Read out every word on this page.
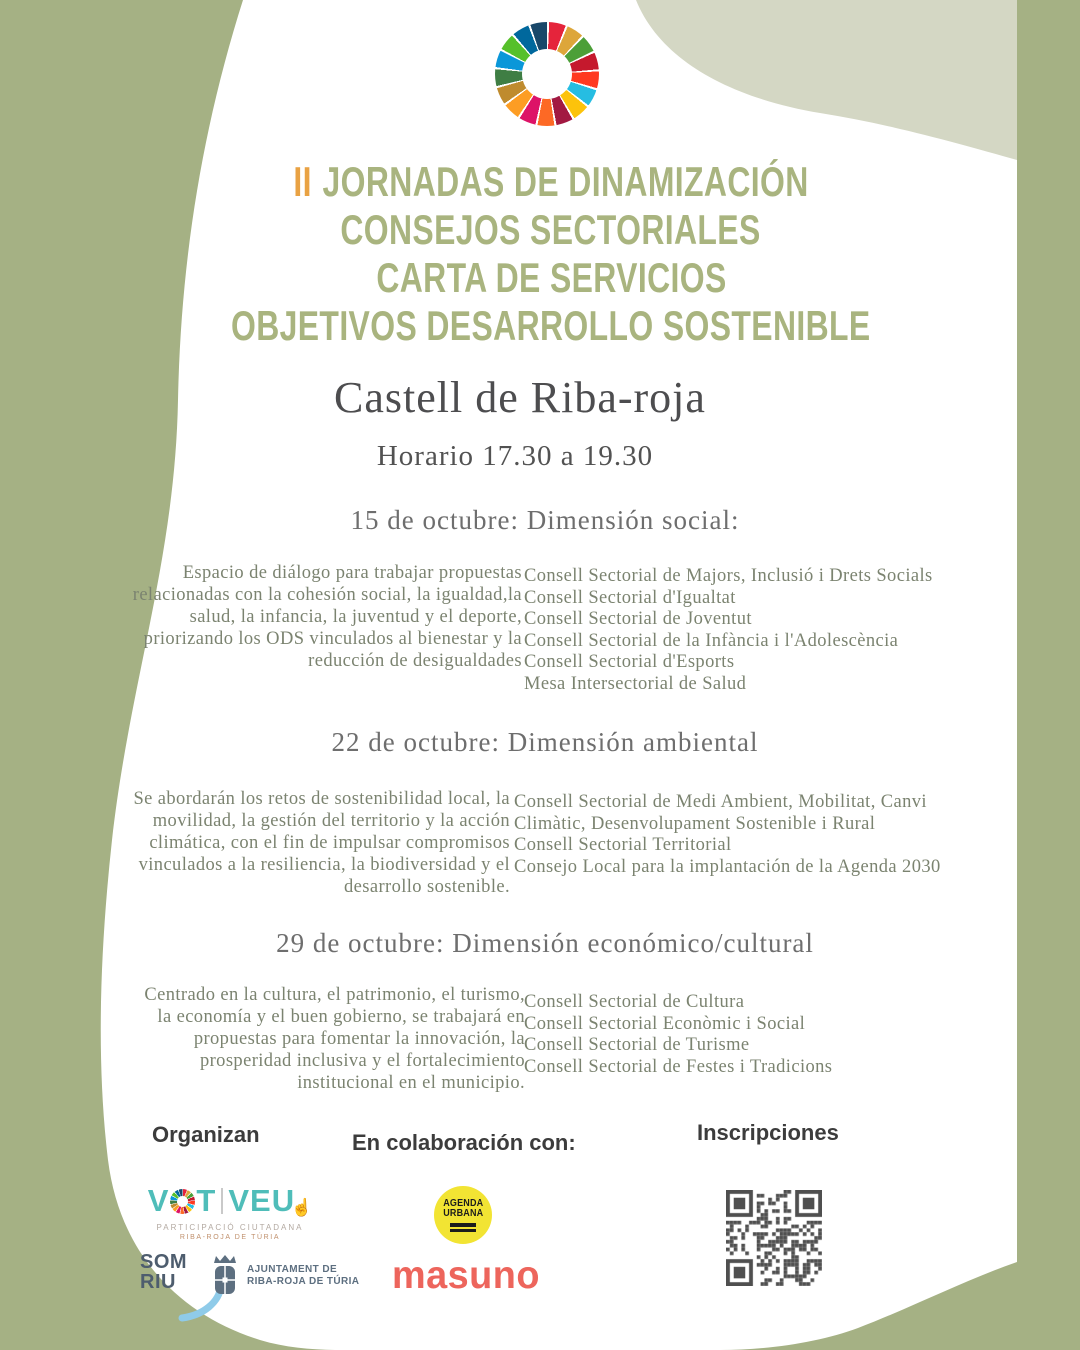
II JORNADAS DE DINAMIZACIÓN
CONSEJOS SECTORIALES
CARTA DE SERVICIOS
OBJETIVOS DESARROLLO SOSTENIBLE
Castell de Riba-roja
Horario 17.30 a 19.30
15 de octubre: Dimensión social:
Espacio de diálogo para trabajar propuestas relacionadas con la cohesión social, la igualdad,la salud, la infancia, la juventud y el deporte, priorizando los ODS vinculados al bienestar y la reducción de desigualdades
Consell Sectorial de Majors, Inclusió i Drets Socials
Consell Sectorial d'Igualtat
Consell Sectorial de Joventut
Consell Sectorial de la Infància i l'Adolescència
Consell Sectorial d'Esports
Mesa Intersectorial de Salud
22 de octubre: Dimensión ambiental
Se abordarán los retos de sostenibilidad local, la movilidad, la gestión del territorio y la acción climática, con el fin de impulsar compromisos vinculados a la resiliencia, la biodiversidad y el desarrollo sostenible.
Consell Sectorial de Medi Ambient, Mobilitat, Canvi Climàtic, Desenvolupament Sostenible i Rural
Consell Sectorial Territorial
Consejo Local para la implantación de la Agenda 2030
29 de octubre: Dimensión económico/cultural
Centrado en la cultura, el patrimonio, el turismo, la economía y el buen gobierno, se trabajará en propuestas para fomentar la innovación, la prosperidad inclusiva y el fortalecimiento institucional en el municipio.
Consell Sectorial de Cultura
Consell Sectorial Econòmic i Social
Consell Sectorial de Turisme
Consell Sectorial de Festes i Tradicions
Organizan	En colaboración con:	Inscripciones
V T VEU
☝
PARTICIPACIÓ CIUTADANA
RIBA-ROJA DE TÚRIA
AGENDA
URBANA
SOM
RIU
AJUNTAMENT DE
RIBA-ROJA DE TÚRIA masuno
